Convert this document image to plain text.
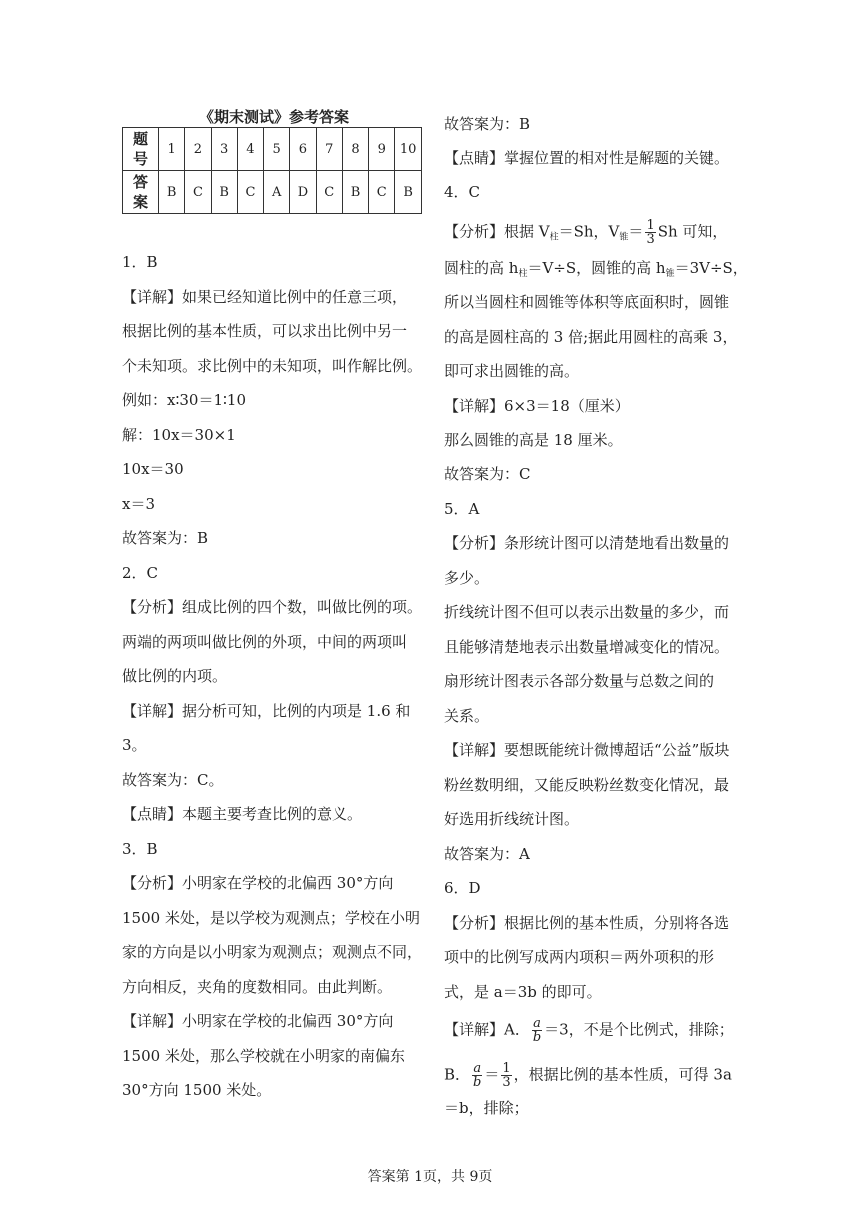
《期末测试》参考答案
题
号	1	2	3	4	5	6	7	8	9	10
答
案	B	C	B	C	A	D	C	B	C	B
1．B
【详解】如果已经知道比例中的任意三项，
根据比例的基本性质，可以求出比例中另一
个未知项。求比例中的未知项，叫作解比例。
例如：x∶30＝1∶10
解：10x＝30×1
10x＝30
x＝3
故答案为：B
2．C
【分析】组成比例的四个数，叫做比例的项。
两端的两项叫做比例的外项，中间的两项叫
做比例的内项。
【详解】据分析可知，比例的内项是 1.6 和
3。
故答案为：C。
【点睛】本题主要考查比例的意义。
3．B
【分析】小明家在学校的北偏西 30°方向
1500 米处，是以学校为观测点；学校在小明
家的方向是以小明家为观测点；观测点不同，
方向相反，夹角的度数相同。由此判断。
【详解】小明家在学校的北偏西 30°方向
1500 米处，那么学校就在小明家的南偏东
30°方向 1500 米处。
故答案为：B
【点睛】掌握位置的相对性是解题的关键。
4．C
【分析】根据 $V_柱=Sh$，$V_锥= \frac{1}{3}$ Sh 可知，
圆柱的高 $h_柱=V\div S$，圆锥的高 $h_锥=3V\div S$，
所以当圆柱和圆锥等体积等底面积时，圆锥
的高是圆柱高的 3 倍;据此用圆柱的高乘 3，
即可求出圆锥的高。
【详解】6×3＝18（厘米）
那么圆锥的高是 18 厘米。
故答案为：C
5．A
【分析】条形统计图可以清楚地看出数量的
多少。
折线统计图不但可以表示出数量的多少，而
且能够清楚地表示出数量增减变化的情况。
扇形统计图表示各部分数量与总数之间的
关系。
【详解】要想既能统计微博超话“公益”版块
粉丝数明细，又能反映粉丝数变化情况，最
好选用折线统计图。
故答案为：A
6．D
【分析】根据比例的基本性质，分别将各选
项中的比例写成两内项积＝两外项积的形
式，是 a＝3b 的即可。
【详解】A． $\frac{a}{b} =3$，不是个比例式，排除；
B． $\frac{a}{b} = \frac{1}{3}$ ，根据比例的基本性质，可得 3a
＝b，排除；
答案第 1页，共 9页
